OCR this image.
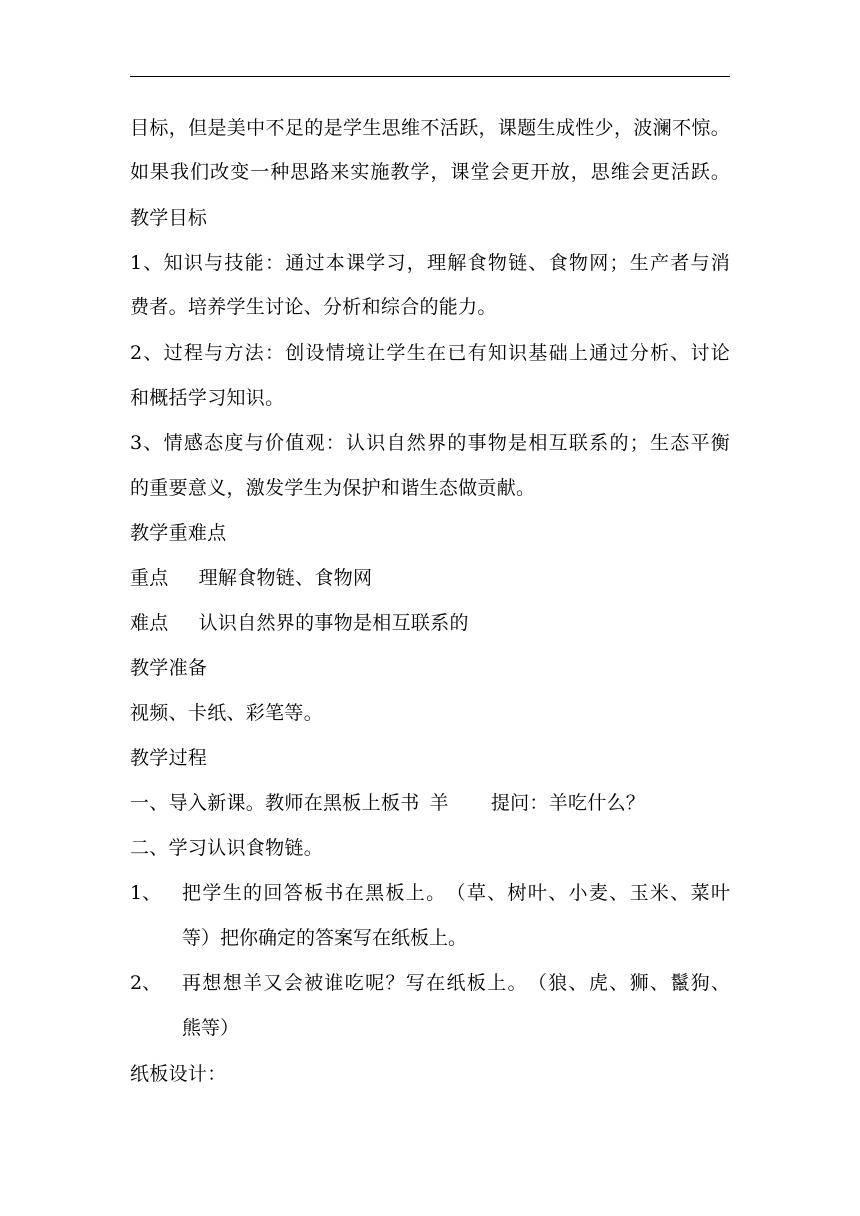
目 标 ， 但 是 美 中 不 足 的 是 学 生 思 维 不 活 跃 ， 课 题 生 成 性 少 ， 波 澜 不 惊 。
如 果 我 们 改 变 一 种 思 路 来 实 施 教 学 ， 课 堂 会 更 开 放 ， 思 维 会 更 活 跃 。
教学目标
1 、 知 识 与 技 能 ： 通 过 本 课 学 习 ， 理 解 食 物 链 、 食 物 网 ； 生 产 者 与 消
费者。培养学生讨论、分析和综合的能力。
2 、 过 程 与 方 法 ： 创 设 情 境 让 学 生 在 已 有 知 识 基 础 上 通 过 分 析 、 讨 论
和概括学习知识。
3 、 情 感 态 度 与 价 值 观 ： 认 识 自 然 界 的 事 物 是 相 互 联 系 的 ； 生 态 平 衡
的重要意义，激发学生为保护和谐生态做贡献。
教学重难点
重点 理解食物链、食物网
难点 认识自然界的事物是相互联系的
教学准备
视频、卡纸、彩笔等。
教学过程
一、导入新课。教师在黑板上板书 羊 提问：羊吃什么？
二、学习认识食物链。
1、 把 学 生 的 回 答 板 书 在 黑 板 上 。 （ 草 、 树 叶 、 小 麦 、 玉 米 、 菜 叶
等）把你确定的答案写在纸板上。
2、 再 想 想 羊 又 会 被 谁 吃 呢 ？ 写 在 纸 板 上 。 （ 狼 、 虎 、 狮 、 鬣 狗 、
熊等）
纸板设计：
